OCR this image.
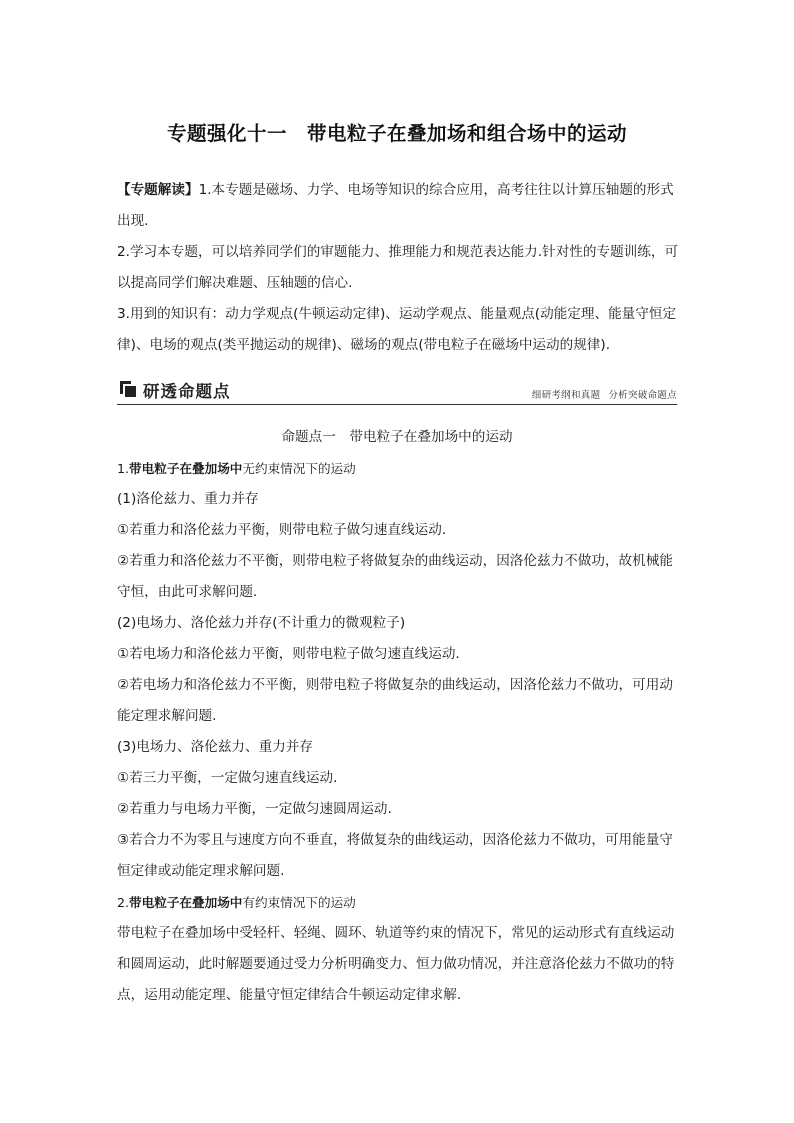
专题强化十一　带电粒子在叠加场和组合场中的运动
【专题解读】1.本专题是磁场、力学、电场等知识的综合应用，高考往往以计算压轴题的形式出现.
2.学习本专题，可以培养同学们的审题能力、推理能力和规范表达能力.针对性的专题训练，可以提高同学们解决难题、压轴题的信心.
3.用到的知识有：动力学观点(牛顿运动定律)、运动学观点、能量观点(动能定理、能量守恒定律)、电场的观点(类平抛运动的规律)、磁场的观点(带电粒子在磁场中运动的规律).
研透命题点	细研考纲和真题 分析突破命题点
命题点一　带电粒子在叠加场中的运动
1.带电粒子在叠加场中无约束情况下的运动
(1)洛伦兹力、重力并存
①若重力和洛伦兹力平衡，则带电粒子做匀速直线运动.
②若重力和洛伦兹力不平衡，则带电粒子将做复杂的曲线运动，因洛伦兹力不做功，故机械能守恒，由此可求解问题.
(2)电场力、洛伦兹力并存(不计重力的微观粒子)
①若电场力和洛伦兹力平衡，则带电粒子做匀速直线运动.
②若电场力和洛伦兹力不平衡，则带电粒子将做复杂的曲线运动，因洛伦兹力不做功，可用动能定理求解问题.
(3)电场力、洛伦兹力、重力并存
①若三力平衡，一定做匀速直线运动.
②若重力与电场力平衡，一定做匀速圆周运动.
③若合力不为零且与速度方向不垂直，将做复杂的曲线运动，因洛伦兹力不做功，可用能量守恒定律或动能定理求解问题.
2.带电粒子在叠加场中有约束情况下的运动
带电粒子在叠加场中受轻杆、轻绳、圆环、轨道等约束的情况下，常见的运动形式有直线运动和圆周运动，此时解题要通过受力分析明确变力、恒力做功情况，并注意洛伦兹力不做功的特点，运用动能定理、能量守恒定律结合牛顿运动定律求解.
